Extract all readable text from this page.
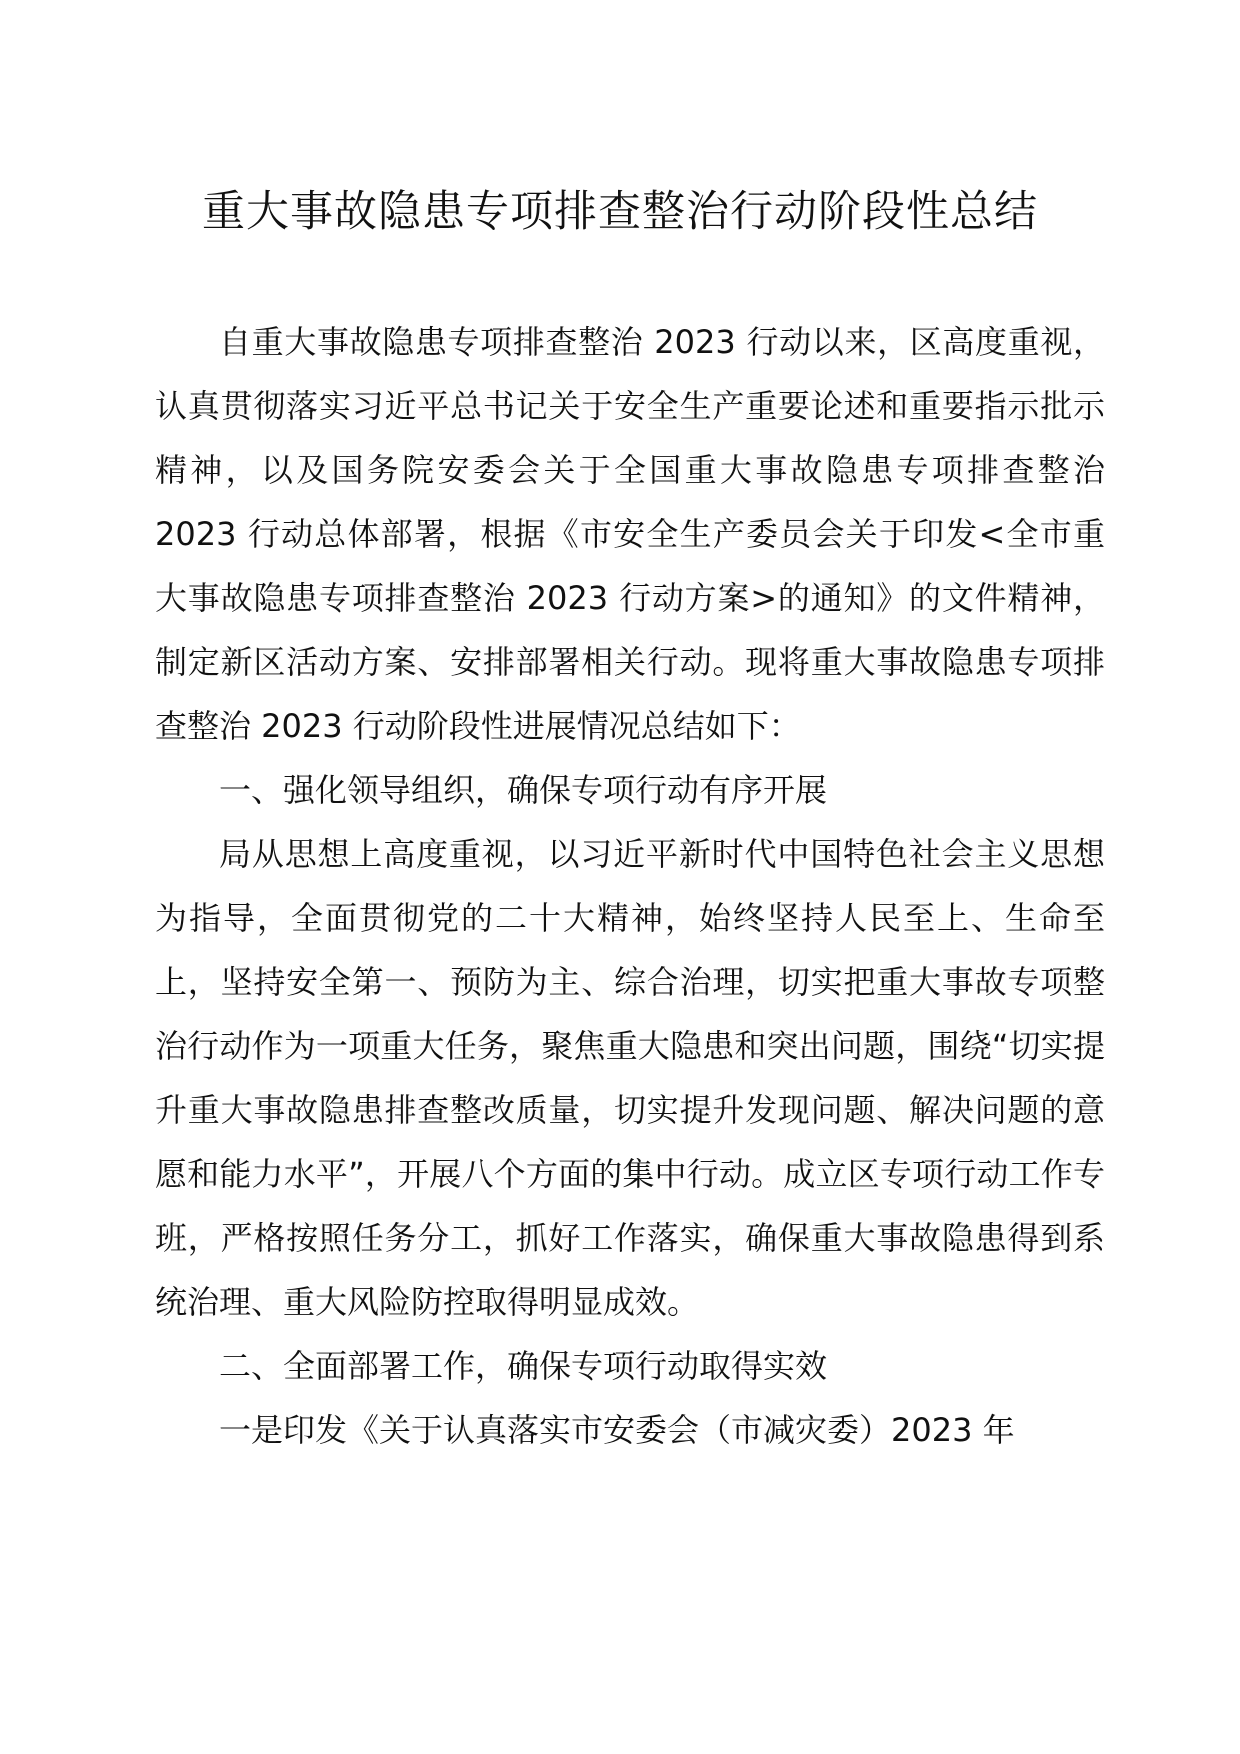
重大事故隐患专项排查整治行动阶段性总结

自重大事故隐患专项排查整治 2023 行动以来，区高度重视，认真贯彻落实习近平总书记关于安全生产重要论述和重要指示批示精神，以及国务院安委会关于全国重大事故隐患专项排查整治 2023 行动总体部署，根据《市安全生产委员会关于印发<全市重大事故隐患专项排查整治 2023 行动方案>的通知》的文件精神，制定新区活动方案、安排部署相关行动。现将重大事故隐患专项排查整治 2023 行动阶段性进展情况总结如下：

一、强化领导组织，确保专项行动有序开展

局从思想上高度重视，以习近平新时代中国特色社会主义思想为指导，全面贯彻党的二十大精神，始终坚持人民至上、生命至上，坚持安全第一、预防为主、综合治理，切实把重大事故专项整治行动作为一项重大任务，聚焦重大隐患和突出问题，围绕“切实提升重大事故隐患排查整改质量，切实提升发现问题、解决问题的意愿和能力水平”，开展八个方面的集中行动。成立区专项行动工作专班，严格按照任务分工，抓好工作落实，确保重大事故隐患得到系统治理、重大风险防控取得明显成效。

二、全面部署工作，确保专项行动取得实效

一是印发《关于认真落实市安委会（市减灾委）2023 年
